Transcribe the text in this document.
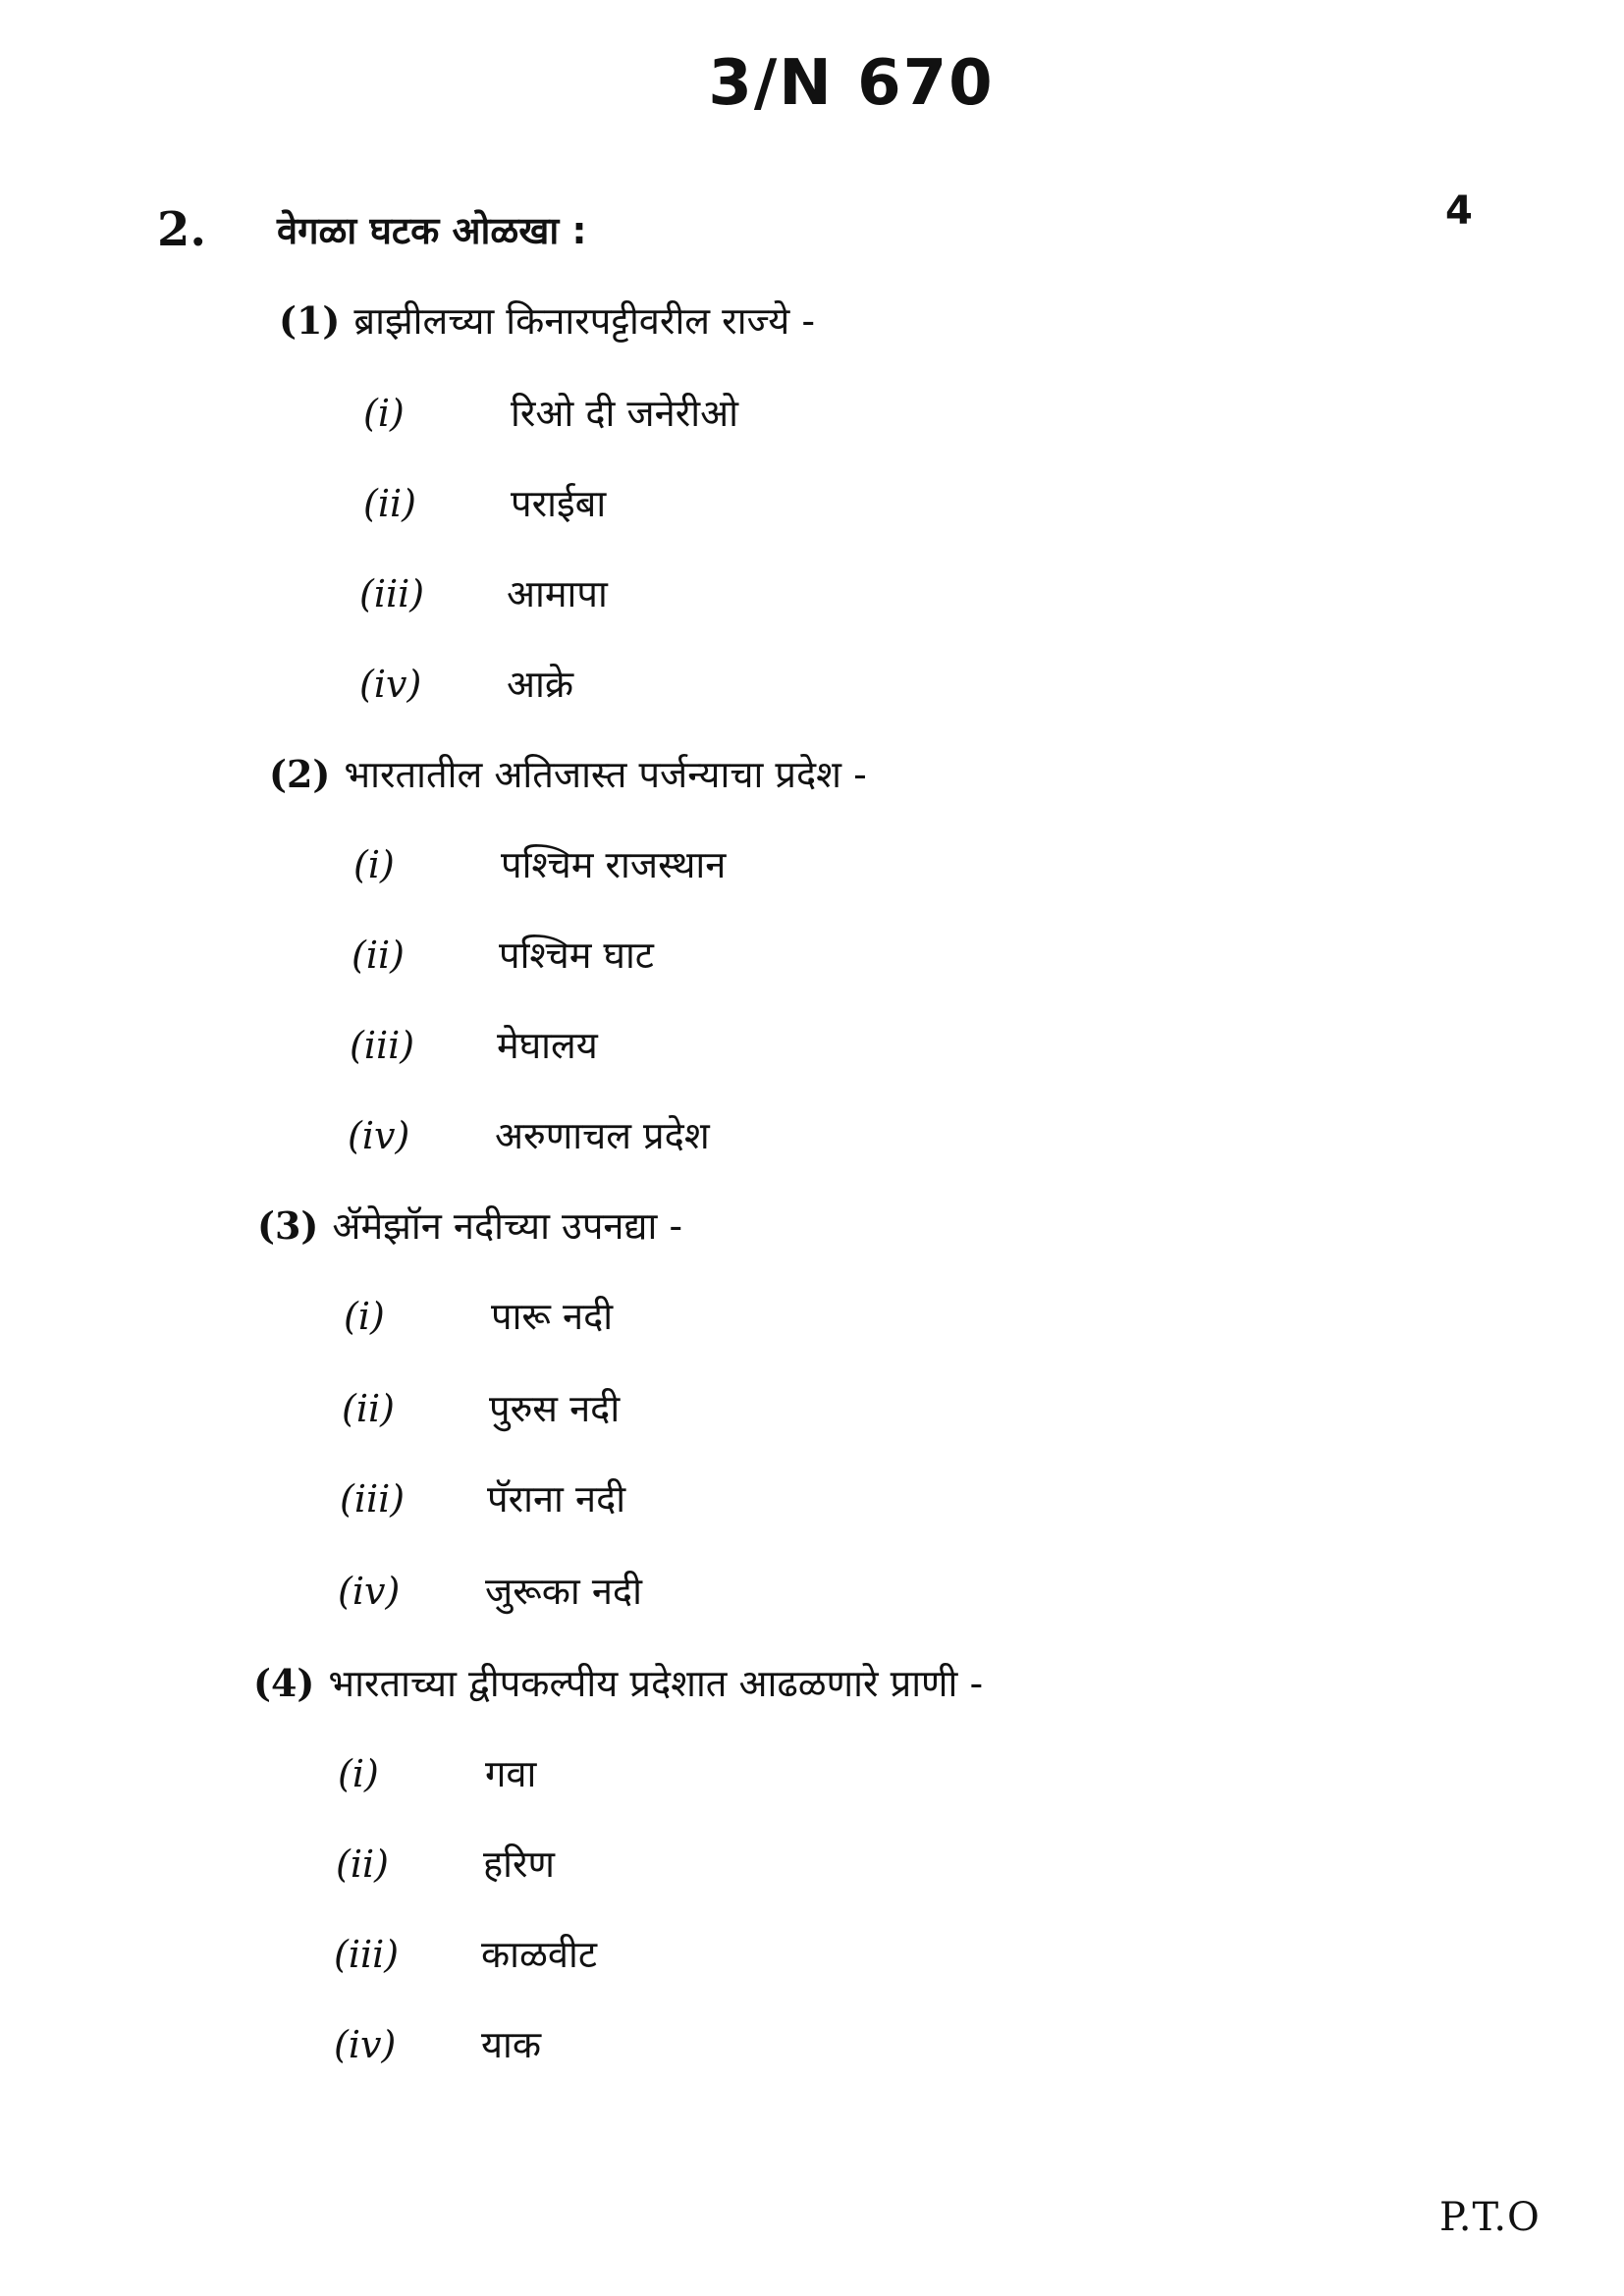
3/N 670
2. वेगळा घटक ओळखा :	4
(1) ब्राझीलच्या किनारपट्टीवरील राज्ये -
(i)	रिओ दी जनेरीओ
(ii)	पराईबा
(iii) आमापा
(iv) आक्रे
(2) भारतातील अतिजास्त पर्जन्याचा प्रदेश -
(i)	पश्चिम राजस्थान
(ii)	पश्चिम घाट
(iii) मेघालय
(iv) अरुणाचल प्रदेश
(3) ॲमेझॉन नदीच्या उपनद्या -
(i)	पारू नदी
(ii)	पुरुस नदी
(iii) पॅराना नदी
(iv) जुरूका नदी
(4) भारताच्या द्वीपकल्पीय प्रदेशात आढळणारे प्राणी -
(i)	गवा
(ii)	हरिण
(iii) काळवीट
(iv) याक
P.T.O
